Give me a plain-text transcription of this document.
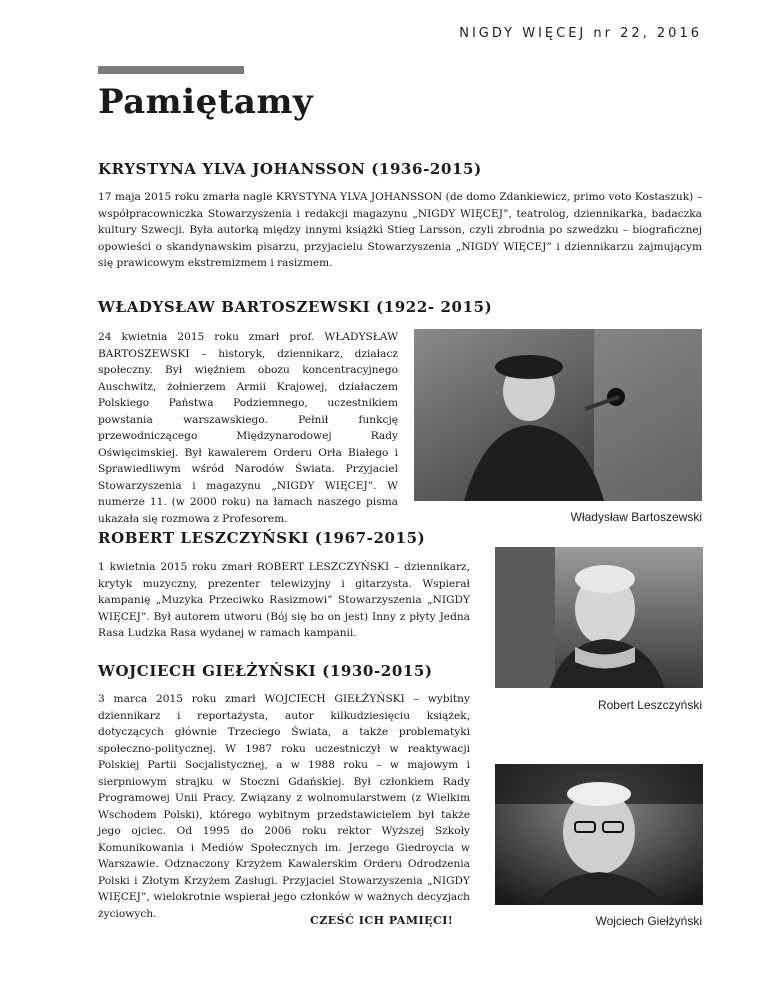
NIGDY WIĘCEJ nr 22, 2016
Pamiętamy
KRYSTYNA YLVA JOHANSSON (1936-2015)

17 maja 2015 roku zmarła nagle KRYSTYNA YLVA JOHANSSON (de domo Zdankiewicz, primo voto Kostaszuk) – współpracowniczka Stowarzyszenia i redakcji magazynu „NIGDY WIĘCEJ”, teatrolog, dziennikarka, badaczka kultury Szwecji. Była autorką między innymi książki Stieg Larsson, czyli zbrodnia po szwedzku – biograficznej opowieści o skandynawskim pisarzu, przyjacielu Stowarzyszenia „NIGDY WIĘCEJ” i dziennikarzu zajmującym się prawicowym ekstremizmem i rasizmem.

WŁADYSŁAW BARTOSZEWSKI (1922- 2015)

24 kwietnia 2015 roku zmarł prof. WŁADYSŁAW BARTOSZEWSKI – historyk, dziennikarz, działacz społeczny. Był więźniem obozu koncentracyjnego Auschwitz, żołnierzem Armii Krajowej, działaczem Polskiego Państwa Podziemnego, uczestnikiem powstania warszawskiego. Pełnił funkcję przewodniczącego Międzynarodowej Rady Oświęcimskiej. Był kawalerem Orderu Orła Białego i Sprawiedliwym wśród Narodów Świata. Przyjaciel Stowarzyszenia i magazynu „NIGDY WIĘCEJ”. W numerze 11. (w 2000 roku) na łamach naszego pisma ukazała się rozmowa z Profesorem.	Władysław Bartoszewski
ROBERT LESZCZYŃSKI (1967-2015)

1 kwietnia 2015 roku zmarł ROBERT LESZCZYŃSKI – dziennikarz, krytyk muzyczny, prezenter telewizyjny i gitarzysta. Wspierał kampanię „Muzyka Przeciwko Rasizmowi” Stowarzyszenia „NIGDY WIĘCEJ”. Był autorem utworu (Bój się bo on jest) Inny z płyty Jedna Rasa Ludzka Rasa wydanej w ramach kampanii.

Robert Leszczyński
WOJCIECH GIEŁŻYŃSKI (1930-2015)

3 marca 2015 roku zmarł WOJCIECH GIEŁŻYŃSKI – wybitny dziennikarz i reportażysta, autor kilkudziesięciu książek, dotyczących głównie Trzeciego Świata, a także problematyki społeczno-politycznej. W 1987 roku uczestniczył w reaktywacji Polskiej Partii Socjalistycznej, a w 1988 roku – w majowym i sierpniowym strajku w Stoczni Gdańskiej. Był członkiem Rady Programowej Unii Pracy. Związany z wolnomularstwem (z Wielkim Wschodem Polski), którego wybitnym przedstawicielem był także jego ojciec. Od 1995 do 2006 roku rektor Wyższej Szkoły Komunikowania i Mediów Społecznych im. Jerzego Giedroycia w Warszawie. Odznaczony Krzyżem Kawalerskim Orderu Odrodzenia Polski i Złotym Krzyżem Zasługi. Przyjaciel Stowarzyszenia „NIGDY WIĘCEJ”, wielokrotnie wspierał jego członków w ważnych decyzjach życiowych.

Wojciech Giełżyński
CZEŚĆ ICH PAMIĘCI!
